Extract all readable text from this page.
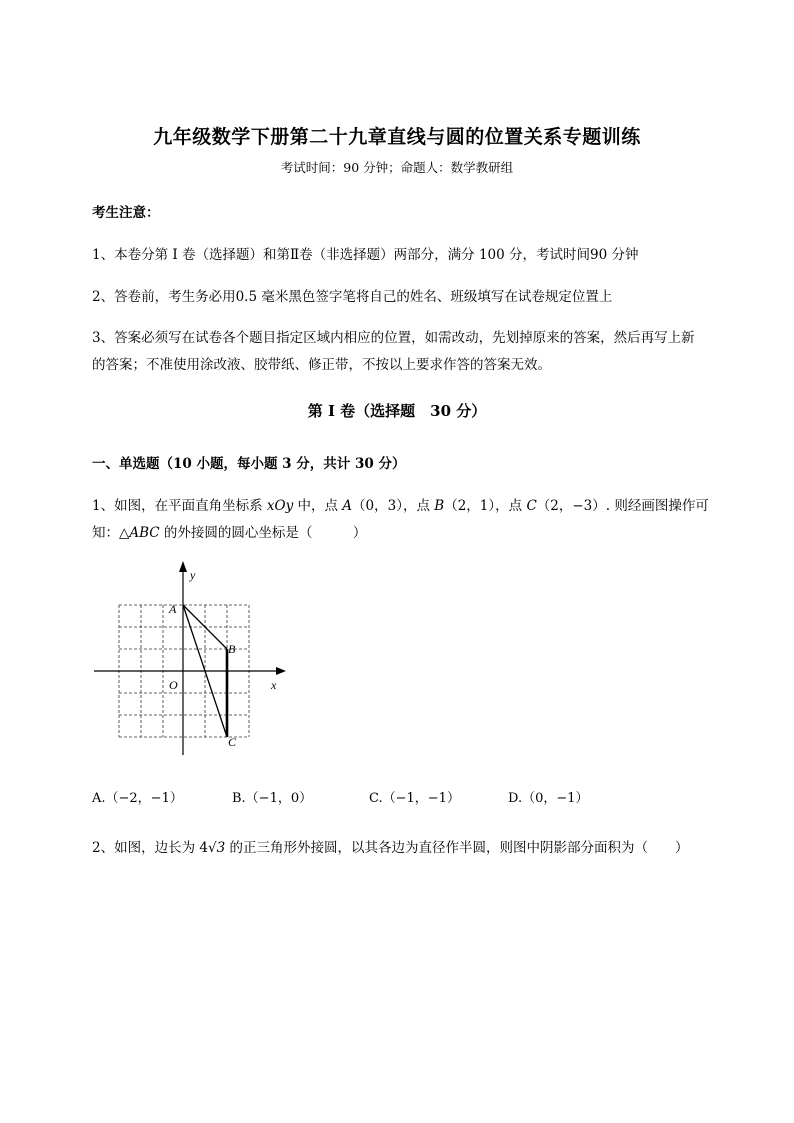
九年级数学下册第二十九章直线与圆的位置关系专题训练
考试时间：90 分钟；命题人：数学教研组
考生注意：
1、本卷分第 I 卷（选择题）和第Ⅱ卷（非选择题）两部分，满分 100 分，考试时间90 分钟
2、答卷前，考生务必用0.5 毫米黑色签字笔将自己的姓名、班级填写在试卷规定位置上
3、答案必须写在试卷各个题目指定区域内相应的位置，如需改动，先划掉原来的答案，然后再写上新
的答案；不准使用涂改液、胶带纸、修正带，不按以上要求作答的答案无效。
第 I 卷（选择题　30 分）
一、单选题（10 小题，每小题 3 分，共计 30 分）
1、如图，在平面直角坐标系 xOy 中，点 A（0，3），点 B（2，1），点 C（2，−3）. 则经画图操作可
知：△ABC 的外接圆的圆心坐标是（　　　）
y
x
O
A
B
C
A.（−2，−1）	B.（−1，0）	C.（−1，−1）	D.（0，−1）
2、如图，边长为 4√3 的正三角形外接圆，以其各边为直径作半圆，则图中阴影部分面积为（　　）
